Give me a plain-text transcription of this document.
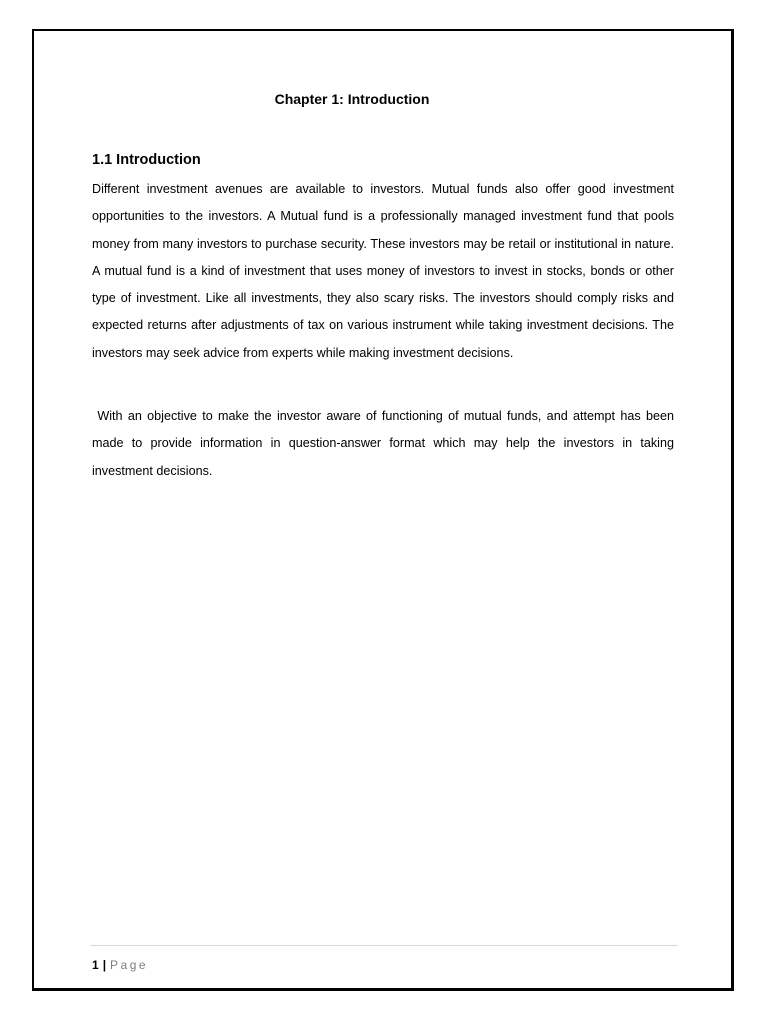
Chapter 1: Introduction
1.1 Introduction

Different investment avenues are available to investors. Mutual funds also offer good investment opportunities to the investors. A Mutual fund is a professionally managed investment fund that pools money from many investors to purchase security. These investors may be retail or institutional in nature. A mutual fund is a kind of investment that uses money of investors to invest in stocks, bonds or other type of investment. Like all investments, they also scary risks. The investors should comply risks and expected returns after adjustments of tax on various instrument while taking investment decisions. The investors may seek advice from experts while making investment decisions.

With an objective to make the investor aware of functioning of mutual funds, and attempt has been made to provide information in question-answer format which may help the investors in taking investment decisions.

1 | Page
